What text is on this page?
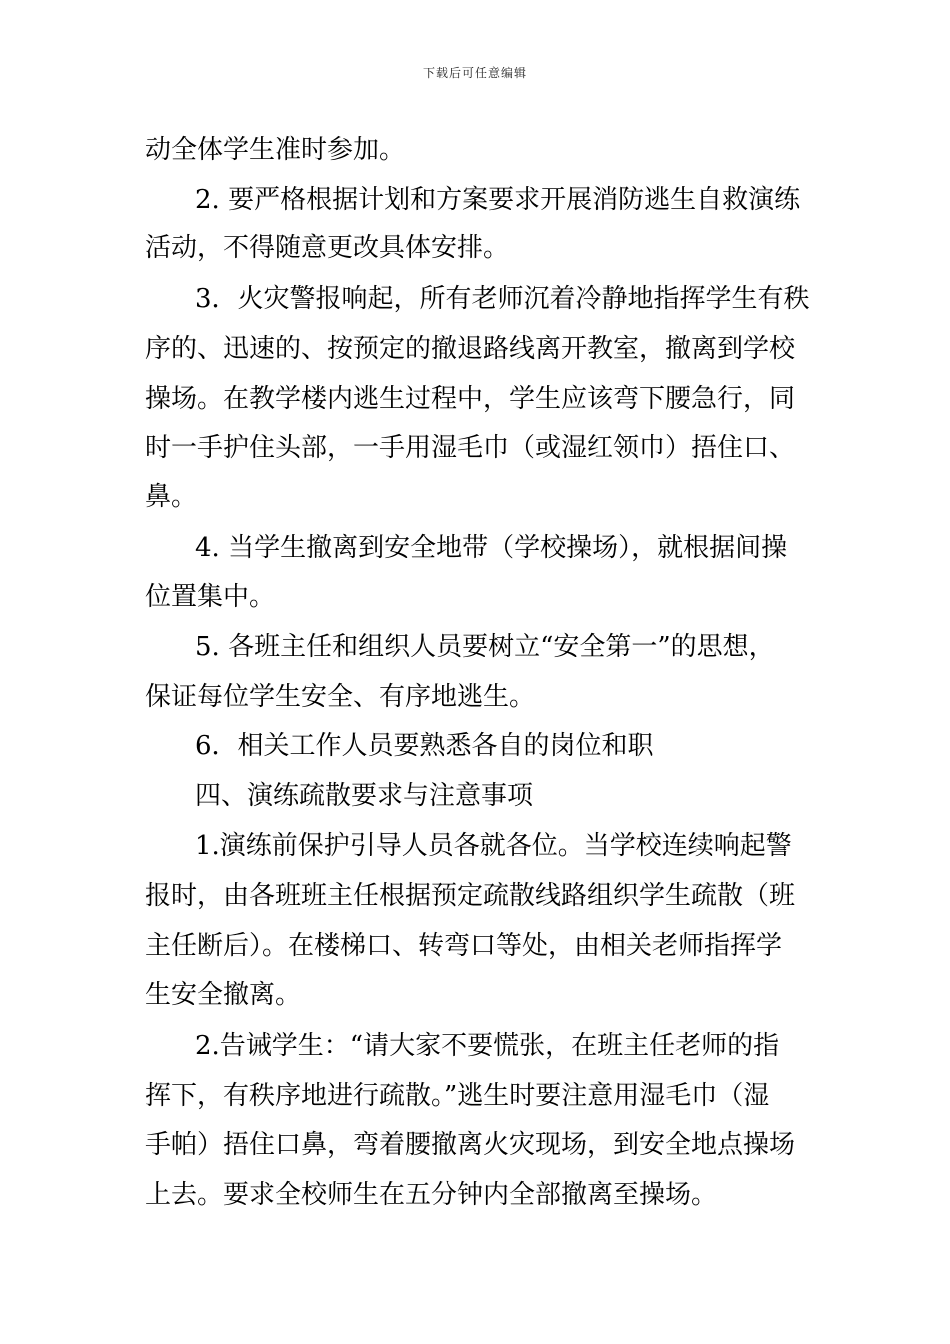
下载后可任意编辑
动全体学生准时参加。
2. 要严格根据计划和方案要求开展消防逃生自救演练
活动，不得随意更改具体安排。
3．火灾警报响起，所有老师沉着冷静地指挥学生有秩
序的、迅速的、按预定的撤退路线离开教室，撤离到学校
操场。在教学楼内逃生过程中，学生应该弯下腰急行，同
时一手护住头部，一手用湿毛巾（或湿红领巾）捂住口、
鼻。
4. 当学生撤离到安全地带（学校操场），就根据间操
位置集中。
5. 各班主任和组织人员要树立“安全第一”的思想，
保证每位学生安全、有序地逃生。
6．相关工作人员要熟悉各自的岗位和职
四、演练疏散要求与注意事项
1.演练前保护引导人员各就各位。当学校连续响起警
报时，由各班班主任根据预定疏散线路组织学生疏散（班
主任断后）。在楼梯口、转弯口等处，由相关老师指挥学
生安全撤离。
2.告诫学生：“请大家不要慌张，在班主任老师的指
挥下，有秩序地进行疏散。”逃生时要注意用湿毛巾（湿
手帕）捂住口鼻，弯着腰撤离火灾现场，到安全地点操场
上去。要求全校师生在五分钟内全部撤离至操场。
